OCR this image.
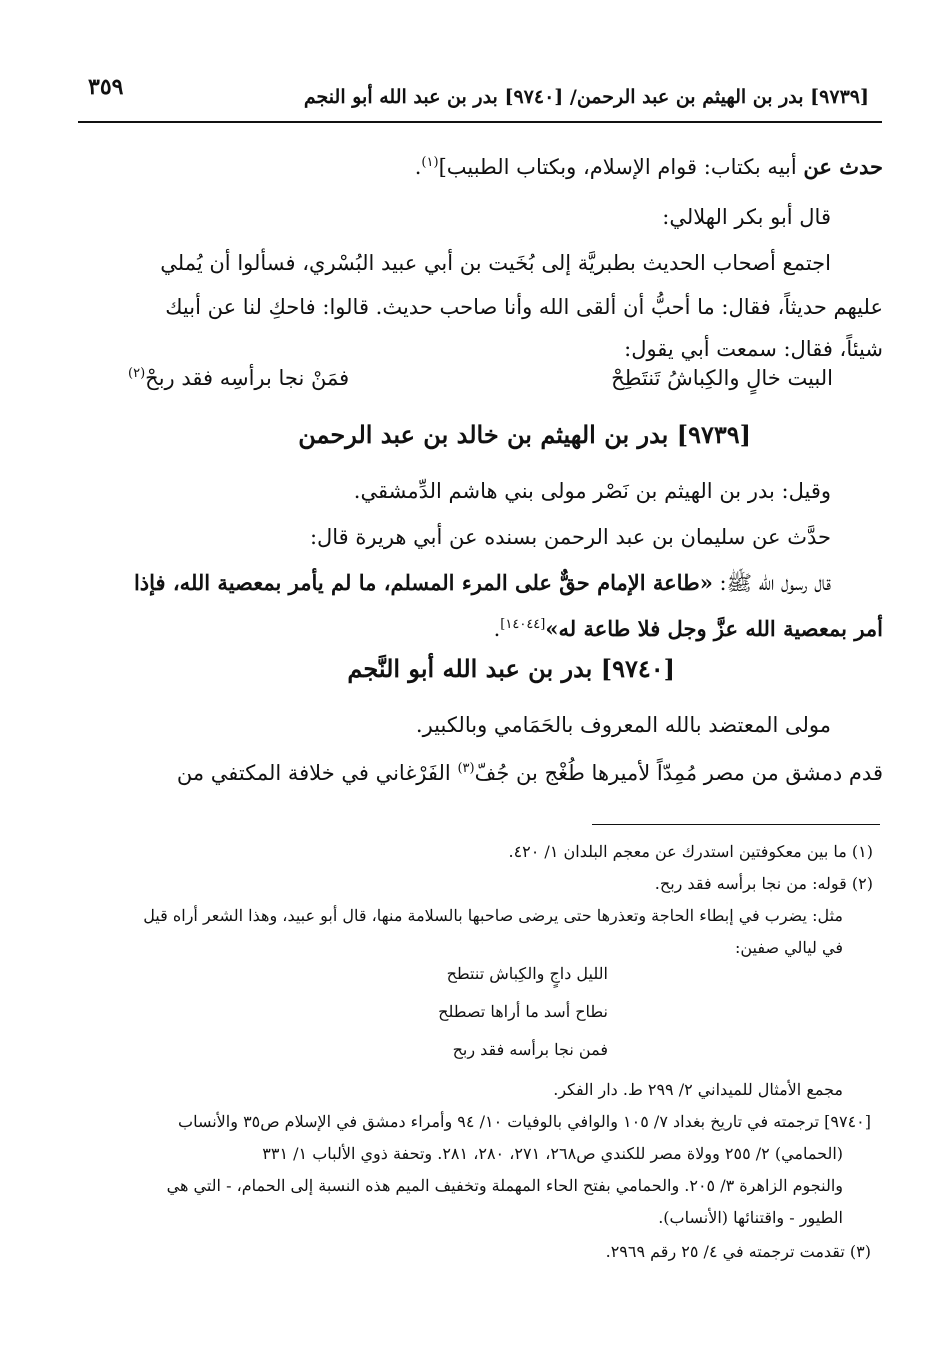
٣٥٩	[٩٧٣٩] بدر بن الهيثم بن عبد الرحمن/ [٩٧٤٠] بدر بن عبد الله أبو النجم
حدث عن أبيه بكتاب: قوام الإسلام، وبكتاب الطبيب]$^{(١)}$.
قال أبو بكر الهلالي:
اجتمع أصحاب الحديث بطبريَّة إلى بُخَيت بن أبي عبيد البُسْري، فسألوا أن يُملي
عليهم حديثاً، فقال: ما أحبُّ أن ألقى الله وأنا صاحب حديث. قالوا: فاحكِ لنا عن أبيك
شيئاً، فقال: سمعت أبي يقول:
البيت خالٍ والكِباشُ تَنتَطِحْ
فمَنْ نجا برأسِه فقد ربحْ$^{(٢)}$
[٩٧٣٩] بدر بن الهيثم بن خالد بن عبد الرحمن
وقيل: بدر بن الهيثم بن نَصْر مولى بني هاشم الدِّمشقي.
حدَّث عن سليمان بن عبد الرحمن بسنده عن أبي هريرة قال:
قال رسول الله ﷺ: «طاعة الإمام حقٌّ على المرء المسلم، ما لم يأمر بمعصية الله، فإذا
أمر بمعصية الله عزَّ وجل فلا طاعة له»[١٤٠٤٤].
[٩٧٤٠] بدر بن عبد الله أبو النَّجم
مولى المعتضد بالله المعروف بالحَمَامي وبالكبير.
قدم دمشق من مصر مُمِدّاً لأميرها طُغْج بن جُفّ$^{(٣)}$ الفَرْغاني في خلافة المكتفي من
(١) ما بين معكوفتين استدرك عن معجم البلدان ١/ ٤٢٠.
(٢) قوله: من نجا برأسه فقد ربح.
مثل: يضرب في إبطاء الحاجة وتعذرها حتى يرضى صاحبها بالسلامة منها، قال أبو عبيد، وهذا الشعر أراه قيل
في ليالي صفين:
الليل داجٍ والكِباش تنتطح
نطاح أسد ما أراها تصطلح
فمن نجا برأسه فقد ربح
مجمع الأمثال للميداني ٢/ ٢٩٩ ط. دار الفكر.
[٩٧٤٠] ترجمته في تاريخ بغداد ٧/ ١٠٥ والوافي بالوفيات ١٠/ ٩٤ وأمراء دمشق في الإسلام ص٣٥ والأنساب
(الحمامي) ٢/ ٢٥٥ وولاة مصر للكندي ص٢٦٨، ٢٧١، ٢٨٠، ٢٨١. وتحفة ذوي الألباب ١/ ٣٣١
والنجوم الزاهرة ٣/ ٢٠٥. والحمامي بفتح الحاء المهملة وتخفيف الميم هذه النسبة إلى الحمام، - التي هي
الطيور - واقتنائها (الأنساب).
(٣) تقدمت ترجمته في ٤/ ٢٥ رقم ٢٩٦٩.
